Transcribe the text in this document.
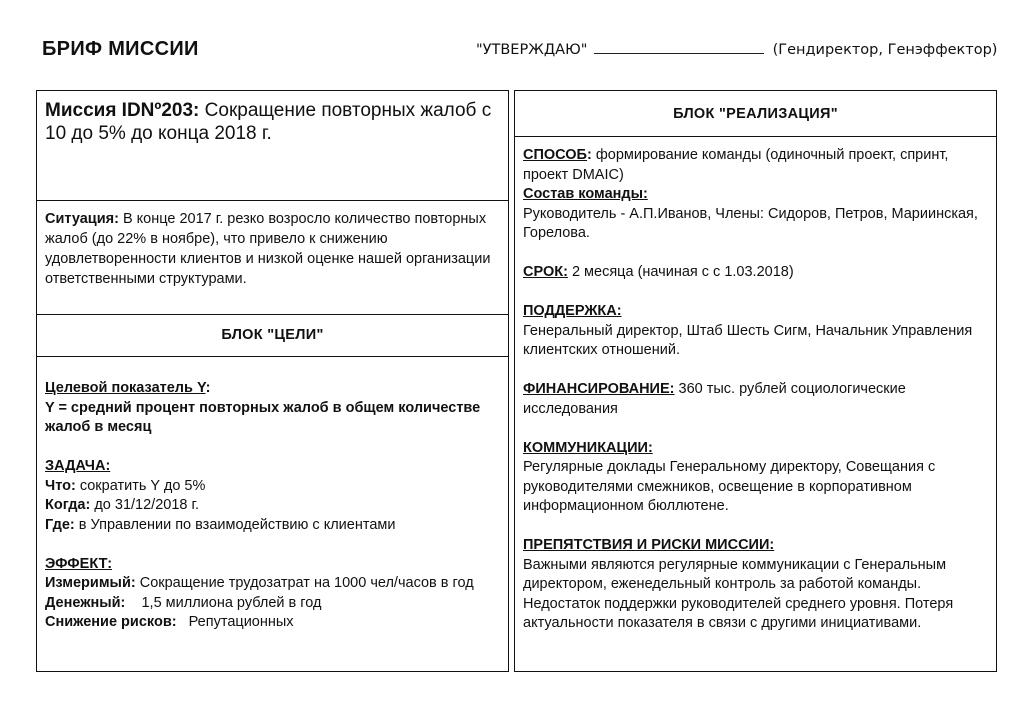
БРИФ МИССИИ	"УТВЕРЖДАЮ"	(Гендиректор, Генэффектор)
Миссия IDNº203: Сокращение повторных жалоб с 10 до 5% до конца 2018 г.
Ситуация: В конце 2017 г. резко возросло количество повторных жалоб (до 22% в ноябре), что привело к снижению удовлетворенности клиентов и низкой оценке нашей организации ответственными структурами.
БЛОК "ЦЕЛИ"

Целевой показатель Y:

Y = средний процент повторных жалоб в общем количестве жалоб в месяц

ЗАДАЧА:

Что: сократить Y до 5%

Когда: до 31/12/2018 г.

Где: в Управлении по взаимодействию с клиентами

ЭФФЕКТ:

Измеримый: Сокращение трудозатрат на 1000 чел/часов в год

Денежный:    1,5 миллиона рублей в год

Снижение рисков:   Репутационных

БЛОК "РЕАЛИЗАЦИЯ"

СПОСОБ: формирование команды (одиночный проект, спринт, проект DMAIC)

Состав команды:

Руководитель - А.П.Иванов, Члены: Сидоров, Петров, Мариинская, Горелова.

СРОК: 2 месяца (начиная с с 1.03.2018)

ПОДДЕРЖКА:

Генеральный директор, Штаб Шесть Сигм, Начальник Управления клиентских отношений.

ФИНАНСИРОВАНИЕ: 360 тыс. рублей социологические исследования

КОММУНИКАЦИИ:

Регулярные доклады Генеральному директору, Совещания с руководителями смежников, освещение в корпоративном информационном бюллютене.

ПРЕПЯТСТВИЯ И РИСКИ МИССИИ:

Важными являются регулярные коммуникации с Генеральным директором, еженедельный контроль за работой команды. Недостаток поддержки руководителей среднего уровня. Потеря актуальности показателя в связи с другими инициативами.
